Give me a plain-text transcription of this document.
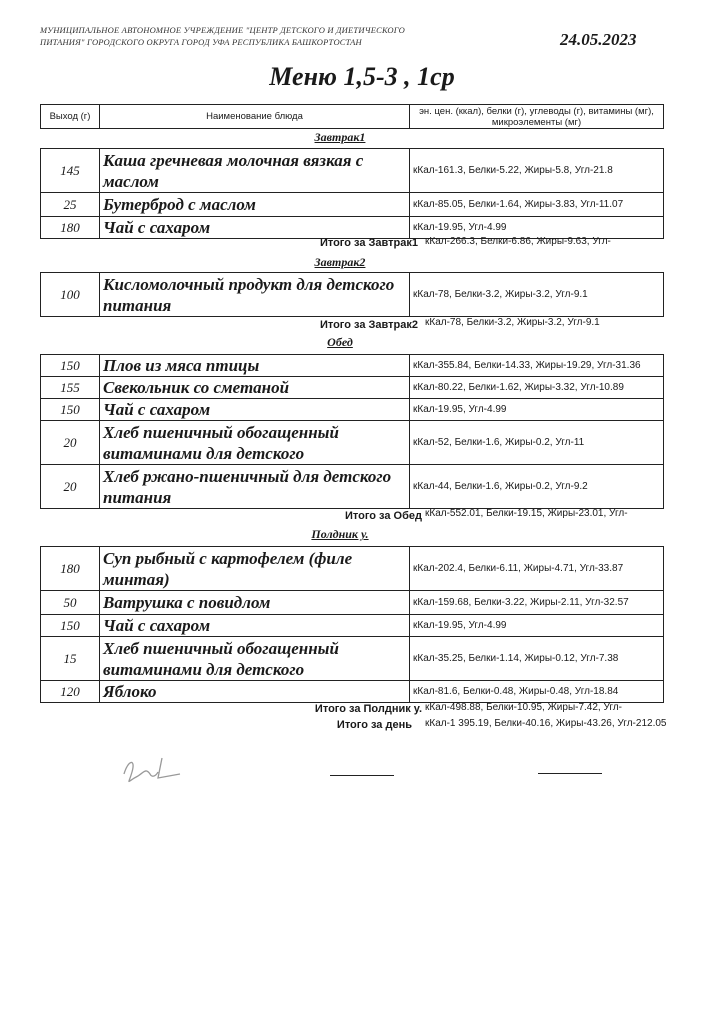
МУНИЦИПАЛЬНОЕ АВТОНОМНОЕ УЧРЕЖДЕНИЕ "ЦЕНТР ДЕТСКОГО И ДИЕТИЧЕСКОГО ПИТАНИЯ" ГОРОДСКОГО ОКРУГА ГОРОД УФА РЕСПУБЛИКА БАШКОРТОСТАН	24.05.2023
Меню 1,5-3 , 1ср
Выход (г)	Наименование блюда	эн. цен. (ккал), белки (г), углеводы (г), витамины (мг), микроэлементы (мг)
Завтрак1
145	Каша гречневая молочная вязкая с маслом	кКал-161.3, Белки-5.22, Жиры-5.8, Угл-21.8
25	Бутерброд с маслом	кКал-85.05, Белки-1.64, Жиры-3.83, Угл-11.07
180	Чай с сахаром	кКал-19.95, Угл-4.99
Итого за Завтрак1 кКал-266.3, Белки-6.86, Жиры-9.63, Угл-
Завтрак2
100	Кисломолочный продукт для детского питания	кКал-78, Белки-3.2, Жиры-3.2, Угл-9.1
Итого за Завтрак2 кКал-78, Белки-3.2, Жиры-3.2, Угл-9.1
Обед
150	Плов из мяса птицы	кКал-355.84, Белки-14.33, Жиры-19.29, Угл-31.36
155	Свекольник со сметаной	кКал-80.22, Белки-1.62, Жиры-3.32, Угл-10.89
150	Чай с сахаром	кКал-19.95, Угл-4.99
20	Хлеб пшеничный обогащенный витаминами для детского	кКал-52, Белки-1.6, Жиры-0.2, Угл-11
20	Хлеб ржано-пшеничный для детского питания	кКал-44, Белки-1.6, Жиры-0.2, Угл-9.2
Итого за Обед кКал-552.01, Белки-19.15, Жиры-23.01, Угл-
Полдник у.
180	Суп рыбный с картофелем (филе минтая)	кКал-202.4, Белки-6.11, Жиры-4.71, Угл-33.87
50	Ватрушка с повидлом	кКал-159.68, Белки-3.22, Жиры-2.11, Угл-32.57
150	Чай с сахаром	кКал-19.95, Угл-4.99
15	Хлеб пшеничный обогащенный витаминами для детского	кКал-35.25, Белки-1.14, Жиры-0.12, Угл-7.38
120	Яблоко	кКал-81.6, Белки-0.48, Жиры-0.48, Угл-18.84
Итого за Полдник у. кКал-498.88, Белки-10.95, Жиры-7.42, Угл-
Итого за день кКал-1 395.19, Белки-40.16, Жиры-43.26, Угл-212.05
